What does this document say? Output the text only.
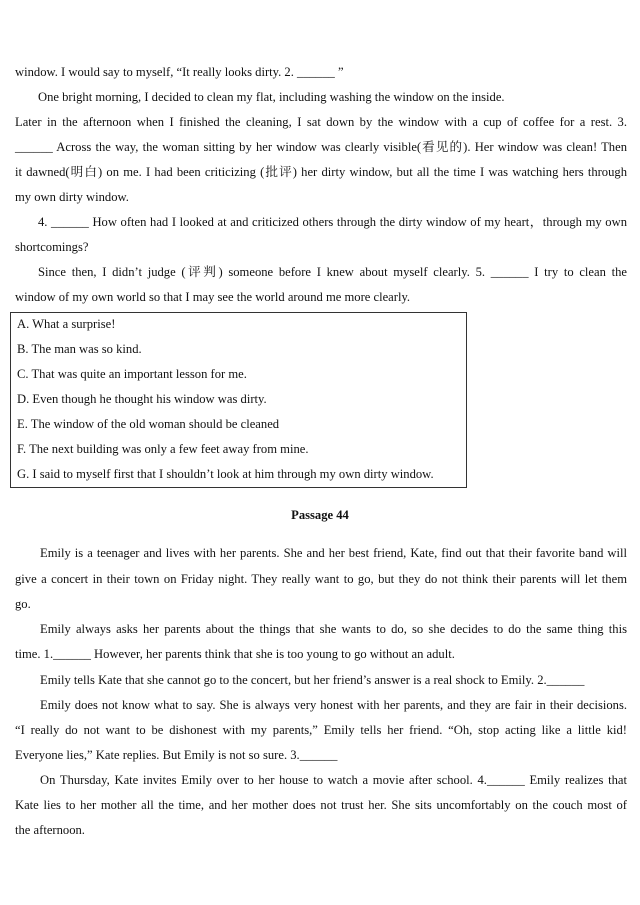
window. I would say to myself, “It really looks dirty. 2. ______ ”
One bright morning, I decided to clean my flat, including washing the window on the inside.
Later in the afternoon when I finished the cleaning, I sat down by the window with a cup of coffee for a rest. 3.
______ Across the way, the woman sitting by her window was clearly visible(看见的). Her window was clean! Then
it dawned(明白) on me. I had been criticizing (批评) her dirty window, but all the time I was watching hers through
my own dirty window.
4. ______ How often had I looked at and criticized others through the dirty window of my heart，through my own
shortcomings?
Since then, I didn’t judge (评判) someone before I knew about myself clearly. 5. ______ I try to clean the
window of my own world so that I may see the world around me more clearly.
A. What a surprise!
B. The man was so kind.
C. That was quite an important lesson for me.
D. Even though he thought his window was dirty.
E. The window of the old woman should be cleaned
F. The next building was only a few feet away from mine.
G. I said to myself first that I shouldn’t look at him through my own dirty window.
Passage 44
Emily is a teenager and lives with her parents. She and her best friend, Kate, find out that their favorite band will
give a concert in their town on Friday night. They really want to go, but they do not think their parents will let them
go.
Emily always asks her parents about the things that she wants to do, so she decides to do the same thing this
time. 1.______ However, her parents think that she is too young to go without an adult.
Emily tells Kate that she cannot go to the concert, but her friend’s answer is a real shock to Emily. 2.______
Emily does not know what to say. She is always very honest with her parents, and they are fair in their decisions.
“I really do not want to be dishonest with my parents,” Emily tells her friend. “Oh, stop acting like a little kid!
Everyone lies,” Kate replies. But Emily is not so sure. 3.______
On Thursday, Kate invites Emily over to her house to watch a movie after school. 4.______ Emily realizes that
Kate lies to her mother all the time, and her mother does not trust her. She sits uncomfortably on the couch most of
the afternoon.
